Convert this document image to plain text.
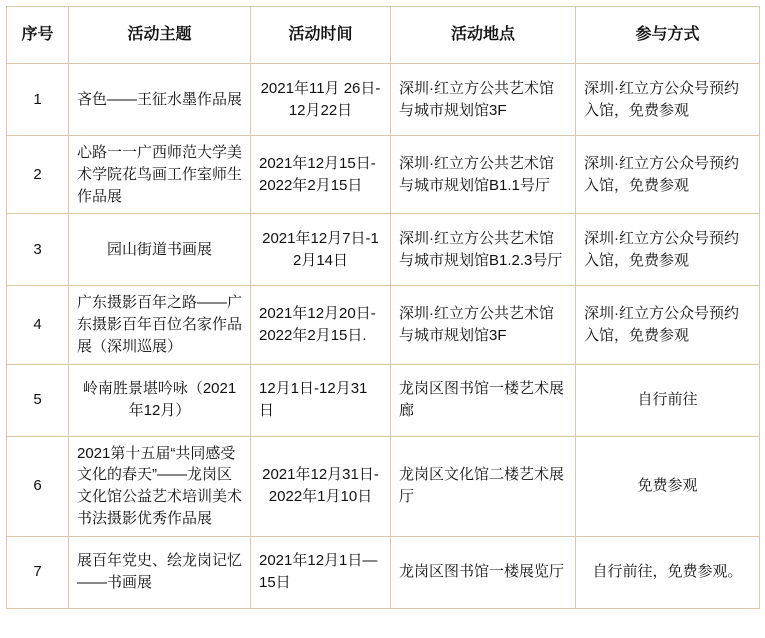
序号	活动主题	活动时间	活动地点	参与方式
1	吝色——王征水墨作品展	2021年11月 26日-12月22日	深圳·红立方公共艺术馆与城市规划馆3F	深圳·红立方公众号预约入馆，免费参观
2	心路一一广西师范大学美术学院花鸟画工作室师生作品展	2021年12月15日-2022年2月15日	深圳·红立方公共艺术馆与城市规划馆B1.1号厅	深圳·红立方公众号预约入馆，免费参观
3	园山街道书画展	2021年12月7日-12月14日	深圳·红立方公共艺术馆与城市规划馆B1.2.3号厅	深圳·红立方公众号预约入馆，免费参观
4	广东摄影百年之路——广东摄影百年百位名家作品展（深圳巡展）	2021年12月20日-2022年2月15日.	深圳·红立方公共艺术馆与城市规划馆3F	深圳·红立方公众号预约入馆，免费参观
5	岭南胜景堪吟咏（2021年12月）	12月1日-12月31日	龙岗区图书馆一楼艺术展廊	自行前往
6	2021第十五届“共同感受文化的春天”——龙岗区文化馆公益艺术培训美术书法摄影优秀作品展	2021年12月31日-2022年1月10日	龙岗区文化馆二楼艺术展厅	免费参观
7	展百年党史、绘龙岗记忆——书画展	2021年12月1日—15日	龙岗区图书馆一楼展览厅	自行前往，免费参观。
